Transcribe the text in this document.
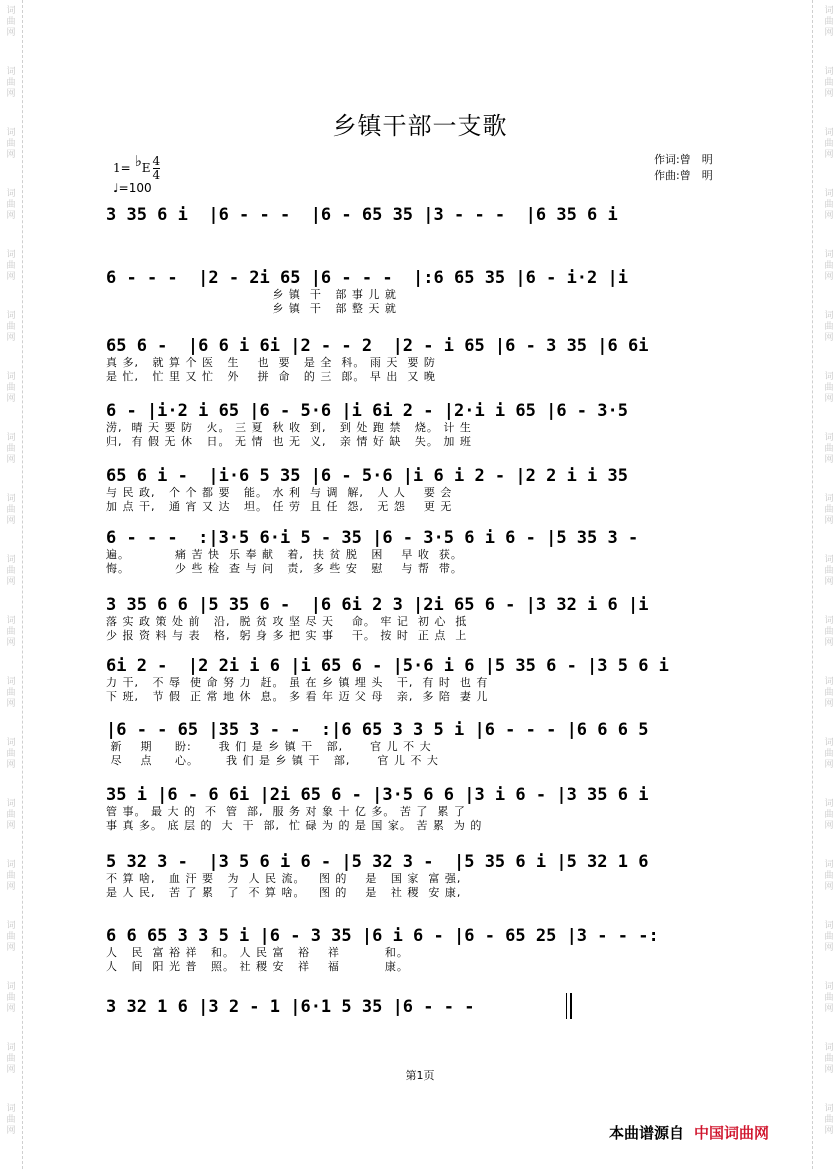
词
曲
网
词
曲
网
词
曲
网
词
曲
网
词
曲
网
词
曲
网
词
曲
网
词
曲
网
词
曲
网
词
曲
网
词
曲
网
词
曲
网
词
曲
网
词
曲
网
词
曲
网
词
曲
网
词
曲
网
词
曲
网
词
曲
网
词
曲
网
词
曲
网
词
曲
网
词
曲
网
词
曲
网
词
曲
网
词
曲
网
词
曲
网
词
曲
网
词
曲
网
词
曲
网
词
曲
网
词
曲
网
词
曲
网
词
曲
网
词
曲
网
词
曲
网
词
曲
网
词
曲
网
乡镇干部一支歌
1= ♭E $\frac{4}{4}$
♩=100
作词:曾　明
作曲:曾　明
3 35 6 i  |6 - - -  |6 - 65 35 |3 - - -  |6 35 6 i
6 - - -  |2 - 2i 65 |6 - - -  |:6 65 35 |6 - i·2 |i
乡 镇  干   部 事 儿 就
乡 镇  干   部 整 天 就
65 6 -  |6 6 i 6i |2 - - 2  |2 - i 65 |6 - 3 35 |6 6i
真 多,   就 算 个 医   生    也  要   是 全  科。 雨 天  要 防
是 忙,   忙 里 又 忙   外    拼  命   的 三  郎。 早 出  又 晚
6 - |i·2 i 65 |6 - 5·6 |i 6i 2 - |2·i i 65 |6 - 3·5
涝,  晴 天 要 防   火。 三 夏  秋 收  到,   到 处 跑 禁   烧。 计 生
归,  有 假 无 休   日。 无 情  也 无  义,   亲 情 好 缺   失。 加 班
65 6 i -  |i·6 5 35 |6 - 5·6 |i 6 i 2 - |2 2 i i 35
与 民 政,   个 个 都 要   能。 水 利  与 调  解,   人 人    要 会
加 点 干,   通 宵 又 达   坦。 任 劳  且 任  怨,   无 怨    更 无
6 - - -  :|3·5 6·i 5 - 35 |6 - 3·5 6 i 6 - |5 35 3 -
遍。          痛 苦 快  乐 奉 献   着,  扶 贫 脱   困    早 收  获。
悔。          少 些 检  查 与 问   责,  多 些 安   慰    与 帮  带。
3 35 6 6 |5 35 6 -  |6 6i 2 3 |2i 65 6 - |3 32 i 6 |i
落 实 政 策 处 前   沿,  脱 贫 攻 坚 尽 天    命。 牢 记  初 心  抵
少 报 资 料 与 表   格,  躬 身 多 把 实 事    干。 按 时  正 点  上
6i 2 -  |2 2i i 6 |i 65 6 - |5·6 i 6 |5 35 6 - |3 5 6 i
力 干,   不 辱  使 命 努 力  赶。 虽 在 乡 镇 埋 头   干,  有 时  也 有
下 班,   节 假  正 常 地 休  息。 多 看 年 迈 父 母   亲,  多 陪  妻 儿
|6 - - 65 |35 3 - -  :|6 65 3 3 5 i |6 - - - |6 6 6 5
新    期     盼:      我 们 是 乡 镇 干   部,      官 儿 不 大
尽    点     心。      我 们 是 乡 镇 干   部,      官 儿 不 大
35 i |6 - 6 6i |2i 65 6 - |3·5 6 6 |3 i 6 - |3 35 6 i
管 事。 最 大 的  不  管  部,  服 务 对 象 十 亿 多。 苦 了  累 了
事 真 多。 底 层 的  大  干  部,  忙 碌 为 的 是 国 家。 苦 累  为 的
5 32 3 -  |3 5 6 i 6 - |5 32 3 -  |5 35 6 i |5 32 1 6
不 算 啥,   血 汗 要   为  人 民 流。   图 的    是   国 家  富 强,
是 人 民,   苦 了 累   了  不 算 啥。   图 的    是   社 稷  安 康,
6 6 65 3 3 5 i |6 - 3 35 |6 i 6 - |6 - 65 25 |3 - - -:
人   民  富 裕 祥   和。 人 民 富   裕    祥          和。
人   间  阳 光 普   照。 社 稷 安   祥    福          康。
3 32 1 6 |3 2 - 1 |6·1 5 35 |6 - - -
第1页
本曲谱源自 中国词曲网
